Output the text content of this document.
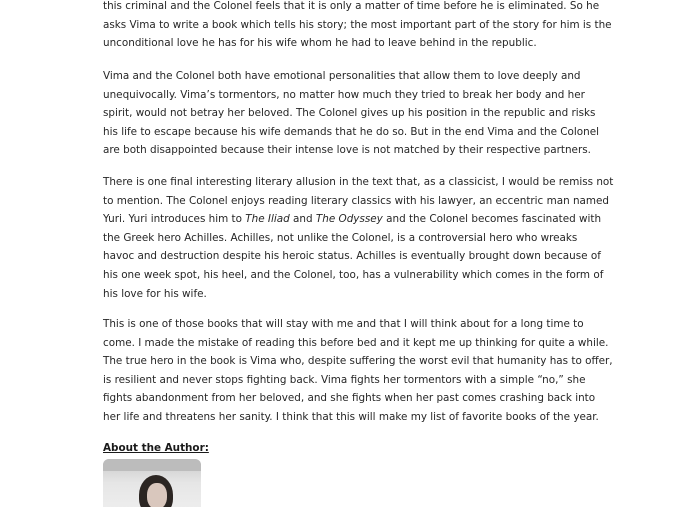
this criminal and the Colonel feels that it is only a matter of time before he is eliminated. So he
asks Vima to write a book which tells his story; the most important part of the story for him is the
unconditional love he has for his wife whom he had to leave behind in the republic.

Vima and the Colonel both have emotional personalities that allow them to love deeply and
unequivocally. Vima’s tormentors, no matter how much they tried to break her body and her
spirit, would not betray her beloved. The Colonel gives up his position in the republic and risks
his life to escape because his wife demands that he do so. But in the end Vima and the Colonel
are both disappointed because their intense love is not matched by their respective partners.

There is one final interesting literary allusion in the text that, as a classicist, I would be remiss not
to mention. The Colonel enjoys reading literary classics with his lawyer, an eccentric man named
Yuri. Yuri introduces him to The Iliad and The Odyssey and the Colonel becomes fascinated with
the Greek hero Achilles. Achilles, not unlike the Colonel, is a controversial hero who wreaks
havoc and destruction despite his heroic status. Achilles is eventually brought down because of
his one week spot, his heel, and the Colonel, too, has a vulnerability which comes in the form of
his love for his wife.

This is one of those books that will stay with me and that I will think about for a long time to
come. I made the mistake of reading this before bed and it kept me up thinking for quite a while.
The true hero in the book is Vima who, despite suffering the worst evil that humanity has to offer,
is resilient and never stops fighting back. Vima fights her tormentors with a simple “no,” she
fights abandonment from her beloved, and she fights when her past comes crashing back into
her life and threatens her sanity. I think that this will make my list of favorite books of the year.

About the Author:
